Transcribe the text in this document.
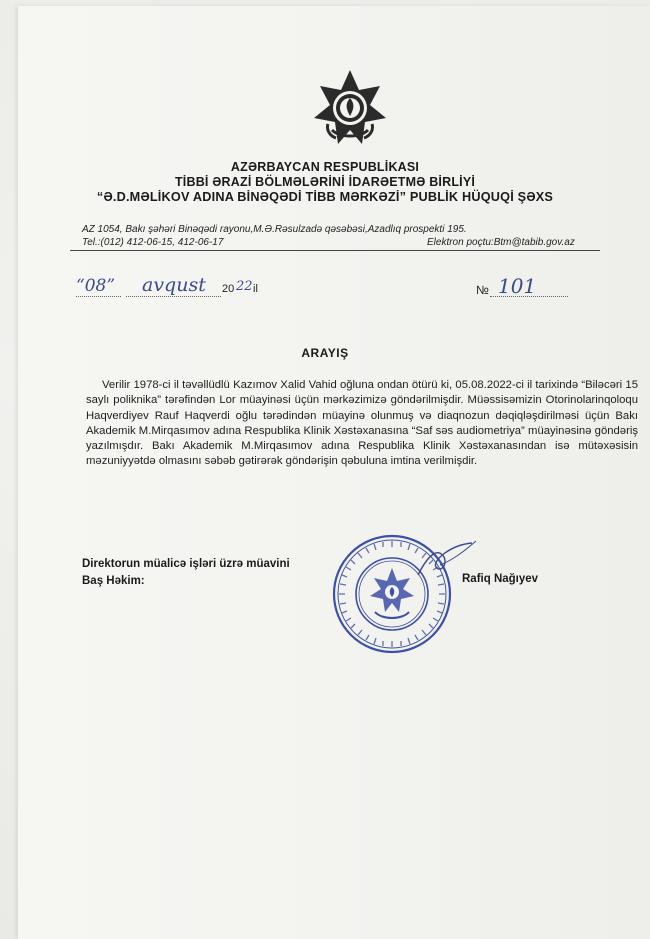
AZƏRBAYCAN RESPUBLİKASI
TİBBİ ƏRAZİ BÖLMƏLƏRİNİ İDARƏETMƏ BİRLİYİ
“Ə.D.MƏLİKOV ADINA BİNƏQƏDİ TİBB MƏRKƏZİ” PUBLİK HÜQUQİ ŞƏXS
AZ 1054, Bakı şəhəri Binəqədi rayonu,M.Ə.Rəsulzadə qəsəbəsi,Azadlıq prospekti 195.
Tel.:(012) 412-06-15, 412-06-17	Elektron poçtu:Btm@tabib.gov.az
“08” avqust 20 22 il	№ 101
ARAYIŞ

Verilir 1978-ci il təvəllüdlü Kazımov Xalid Vahid oğluna ondan ötürü ki, 05.08.2022-ci il tarixində “Biləcəri 15 saylı poliknika” tərəfindən Lor müayinəsi üçün mərkəzimizə göndərilmişdir. Müəssisəmizin Otorinolarinqoloqu Haqverdiyev Rauf Haqverdi oğlu tərədindən müayinə olunmuş və diaqnozun dəqiqləşdirilməsi üçün Bakı Akademik M.Mirqasımov adına Respublika Klinik Xəstəxanasına “Saf səs audiometriya” müayinəsinə göndəriş yazılmışdır. Bakı Akademik M.Mirqasımov adına Respublika Klinik Xəstəxanasından isə mütəxəsisin məzuniyyətdə olmasını səbəb gətirərək göndərişin qəbuluna imtina verilmişdir.

Direktorun müalicə işləri üzrə müavini
Baş Həkim:	Rafiq Nağıyev
